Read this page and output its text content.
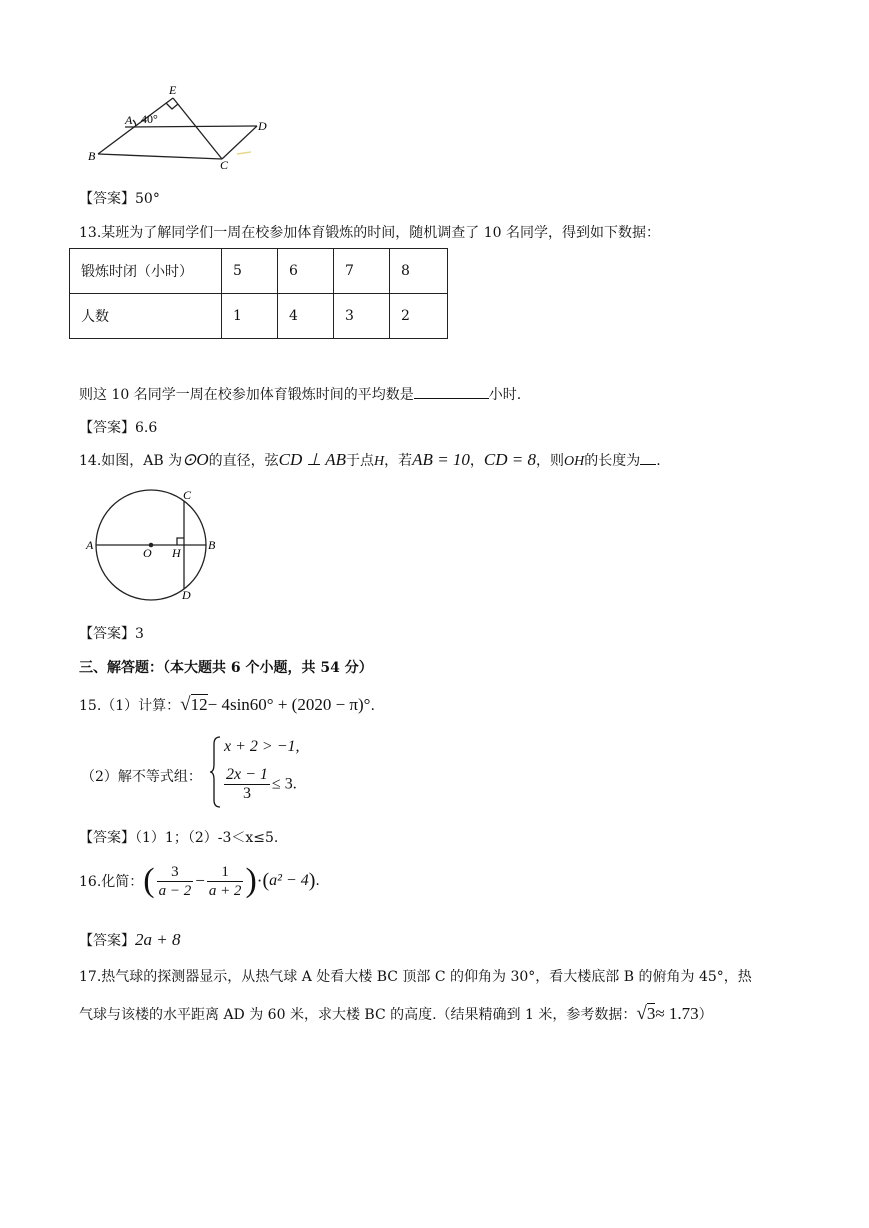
E
A 40°	D
B
C
【答案】50°
13.某班为了解同学们一周在校参加体育锻炼的时间，随机调查了 10 名同学，得到如下数据：
锻炼时闭（小时）	5	6	7	8
人数	1	4	3	2
则这 10 名同学一周在校参加体育锻炼时间的平均数是	小时.
【答案】6.6
14.如图，AB 为⊙O的直径，弦CD ⊥ AB于点H，若AB = 10，CD = 8，则OH的长度为 .
A
O H
B
C
D
【答案】3
三、解答题：（本大题共 6 个小题，共 54 分）
15.（1）计算：√12− 4sin60° + (2020 − π)°.
（2）解不等式组：
x + 2 > −1,
$\frac{2x - 1}{3} \le 3$.
【答案】（1）1；（2）-3＜x≤5.
16.化简：( $\frac{3}{a - 2} - \frac{1}{a + 2} )\cdot(a^2 - 4)$.
【答案】2a + 8
17.热气球的探测器显示，从热气球 A 处看大楼 BC 顶部 C 的仰角为 30°，看大楼底部 B 的俯角为 45°，热
气球与该楼的水平距离 AD 为 60 米，求大楼 BC 的高度.（结果精确到 1 米，参考数据：√3≈ 1.73）
